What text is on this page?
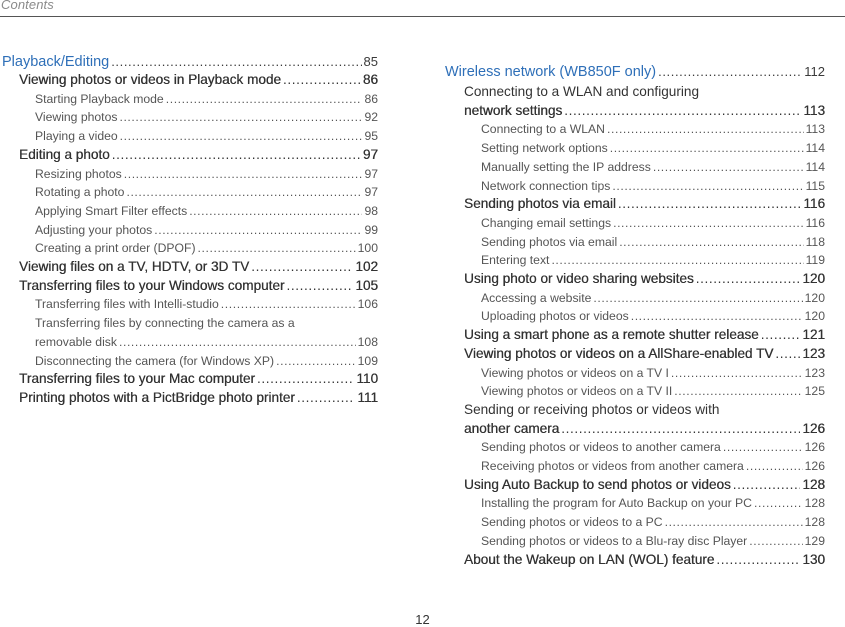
Contents
Playback/Editing .....	85
Viewing photos or videos in Playback mode .....	86
Starting Playback mode .....	86
Viewing photos .....	92
Playing a video .....	95
Editing a photo .....	97
Resizing photos .....	97
Rotating a photo .....	97
Applying Smart Filter effects .....	98
Adjusting your photos .....	99
Creating a print order (DPOF) .....	100
Viewing files on a TV, HDTV, or 3D TV .....	102
Transferring files to your Windows computer .....	105
Transferring files with Intelli-studio .....	106
Transferring files by connecting the camera as a
removable disk .....	108
Disconnecting the camera (for Windows XP) .....	109
Transferring files to your Mac computer .....	110
Printing photos with a PictBridge photo printer .....	111
Wireless network (WB850F only) .....	112
Connecting to a WLAN and configuring
network settings .....	113
Connecting to a WLAN .....	113
Setting network options .....	114
Manually setting the IP address .....	114
Network connection tips .....	115
Sending photos via email .....	116
Changing email settings .....	116
Sending photos via email .....	118
Entering text .....	119
Using photo or video sharing websites .....	120
Accessing a website .....	120
Uploading photos or videos .....	120
Using a smart phone as a remote shutter release .....	121
Viewing photos or videos on a AllShare-enabled TV ..... 123
Viewing photos or videos on a TV I .....	123
Viewing photos or videos on a TV II .....	125
Sending or receiving photos or videos with
another camera .....	126
Sending photos or videos to another camera .....	126
Receiving photos or videos from another camera .....	126
Using Auto Backup to send photos or videos .....	128
Installing the program for Auto Backup on your PC .....	128
Sending photos or videos to a PC .....	128
Sending photos or videos to a Blu-ray disc Player .....	129
About the Wakeup on LAN (WOL) feature .....	130
12
